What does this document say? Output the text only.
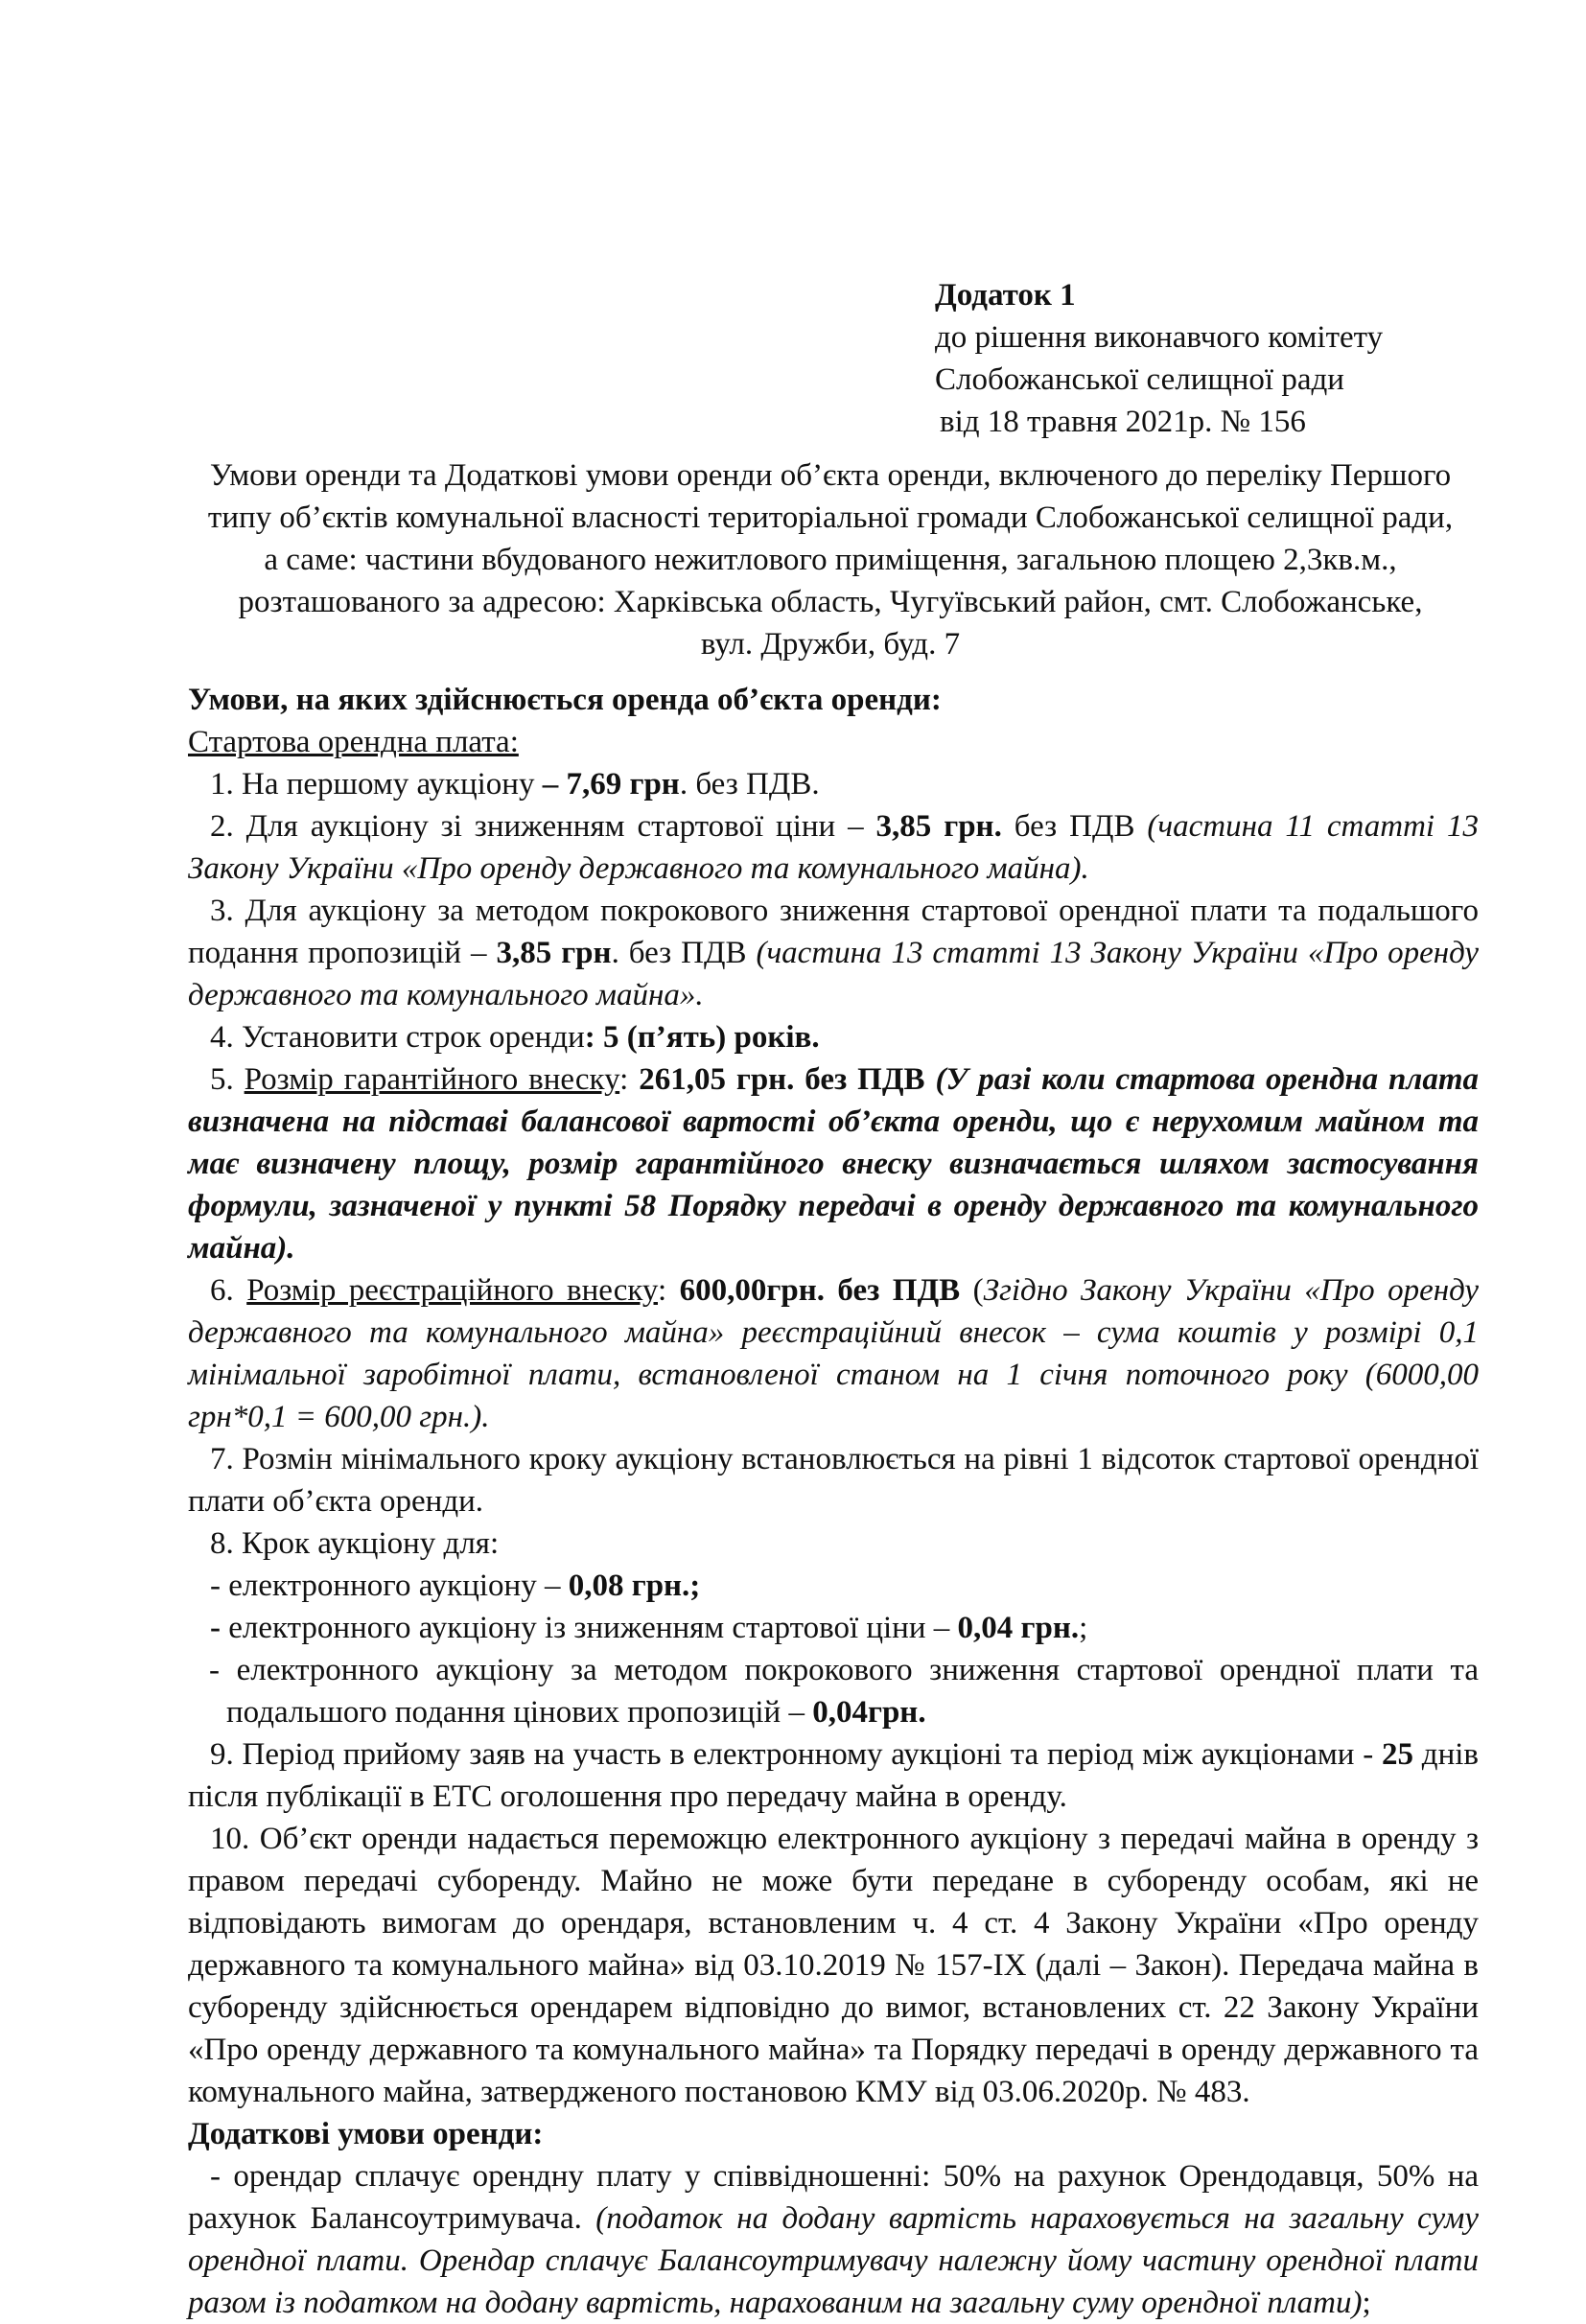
Додаток 1
до рішення виконавчого комітету
Слобожанської селищної ради
від 18 травня 2021р. № 156
Умови оренди та Додаткові умови оренди об’єкта оренди, включеного до переліку Першого
типу об’єктів комунальної власності територіальної громади Слобожанської селищної ради,
а саме: частини вбудованого нежитлового приміщення, загальною площею 2,3кв.м.,
розташованого за адресою: Харківська область, Чугуївський район, смт. Слобожанське,
вул. Дружби, буд. 7

Умови, на яких здійснюється оренда об’єкта оренди:

Стартова орендна плата:

1. На першому аукціону – 7,69 грн. без ПДВ.

2. Для аукціону зі зниженням стартової ціни – 3,85 грн. без ПДВ (частина 11 статті 13 Закону України «Про оренду державного та комунального майна).

3. Для аукціону за методом покрокового зниження стартової орендної плати та подальшого подання пропозицій – 3,85 грн. без ПДВ (частина 13 статті 13 Закону України «Про оренду державного та комунального майна».

4. Установити строк оренди: 5 (п’ять) років.

5. Розмір гарантійного внеску: 261,05 грн. без ПДВ (У разі коли стартова орендна плата визначена на підставі балансової вартості об’єкта оренди, що є нерухомим майном та має визначену площу, розмір гарантійного внеску визначається шляхом застосування формули, зазначеної у пункті 58 Порядку передачі в оренду державного та комунального майна).

6. Розмір реєстраційного внеску: 600,00грн. без ПДВ (Згідно Закону України «Про оренду державного та комунального майна» реєстраційний внесок – сума коштів у розмірі 0,1 мінімальної заробітної плати, встановленої станом на 1 січня поточного року (6000,00 грн*0,1 = 600,00 грн.).

7. Розмін мінімального кроку аукціону встановлюється на рівні 1 відсоток стартової орендної плати об’єкта оренди.

8. Крок аукціону для:

- електронного аукціону – 0,08 грн.;

- електронного аукціону із зниженням стартової ціни – 0,04 грн.;

- електронного аукціону за методом покрокового зниження стартової орендної плати та подальшого подання цінових пропозицій – 0,04грн.

9. Період прийому заяв на участь в електронному аукціоні та період між аукціонами - 25 днів після публікації в ЕТС оголошення про передачу майна в оренду.

10. Об’єкт оренди надається переможцю електронного аукціону з передачі майна в оренду з правом передачі суборенду. Майно не може бути передане в суборенду особам, які не відповідають вимогам до орендаря, встановленим ч. 4 ст. 4 Закону України «Про оренду державного та комунального майна» від 03.10.2019 № 157-IX (далі – Закон). Передача майна в суборенду здійснюється орендарем відповідно до вимог, встановлених ст. 22 Закону України «Про оренду державного та комунального майна» та Порядку передачі в оренду державного та комунального майна, затвердженого постановою КМУ від 03.06.2020р. № 483.

Додаткові умови оренди:

- орендар сплачує орендну плату у співвідношенні: 50% на рахунок Орендодавця, 50% на рахунок Балансоутримувача. (податок на додану вартість нараховується на загальну суму орендної плати. Орендар сплачує Балансоутримувачу належну йому частину орендної плати разом із податком на додану вартість, нарахованим на загальну суму орендної плати);
